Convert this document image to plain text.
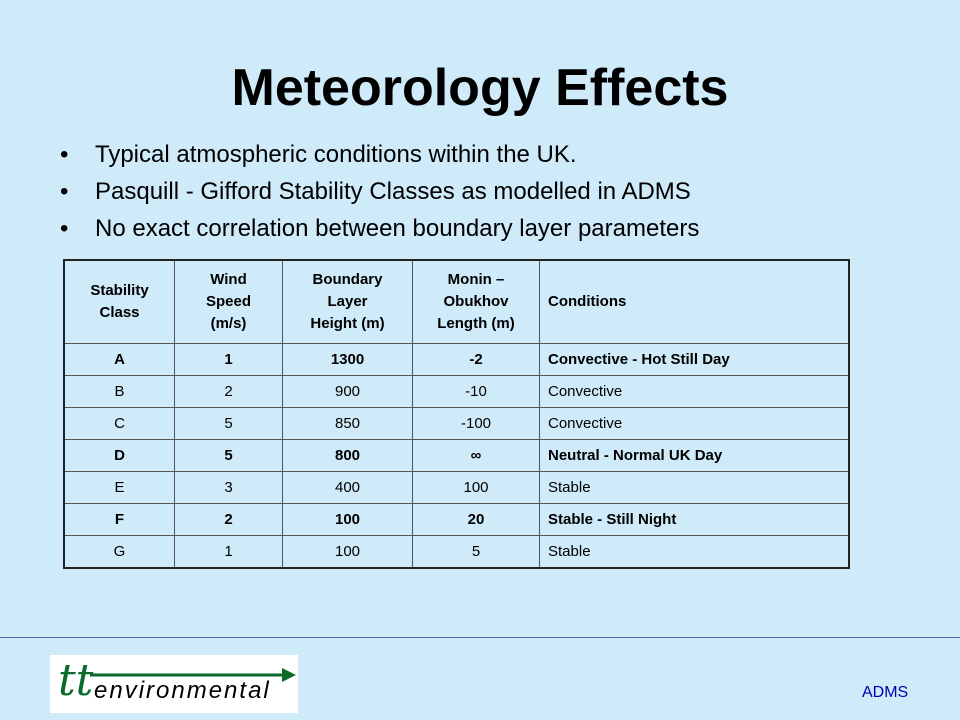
Meteorology Effects
• Typical atmospheric conditions within the UK.
• Pasquill - Gifford Stability Classes as modelled in ADMS
• No exact correlation between boundary layer parameters
Stability
Class	Wind
Speed
(m/s)	Boundary
Layer
Height (m)	Monin –
Obukhov
Length (m)	Conditions
A	1	1300	-2	Convective - Hot Still Day
B	2	900	-10	Convective
C	5	850	-100	Convective
D	5	800	∞	Neutral - Normal UK Day
E	3	400	100	Stable
F	2	100	20	Stable - Still Night
G	1	100	5	Stable
tt environmental	ADMS
